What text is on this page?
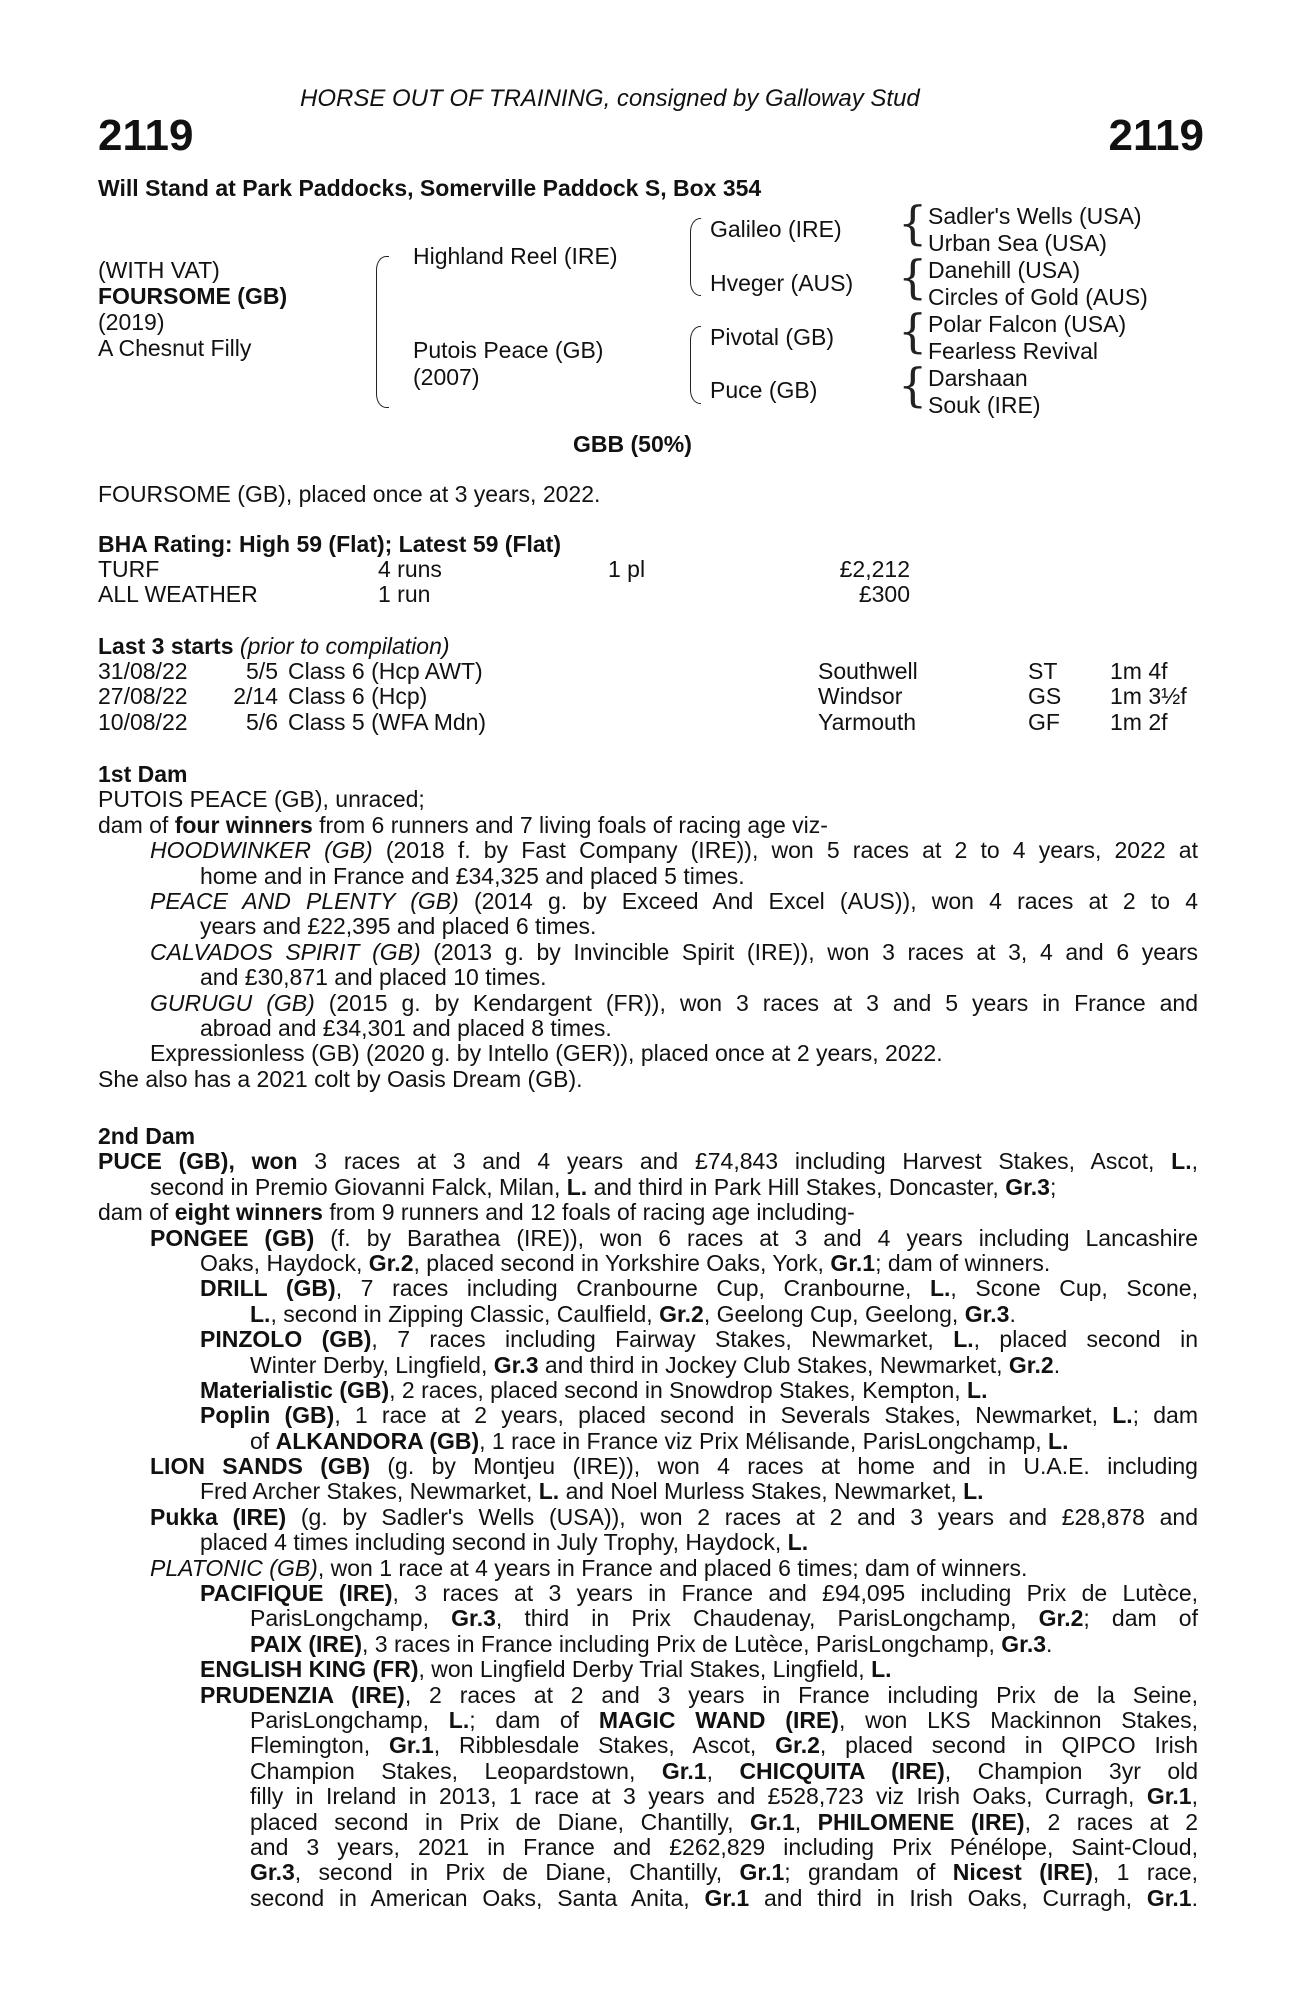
HORSE OUT OF TRAINING, consigned by Galloway Stud
2119	2119
Will Stand at Park Paddocks, Somerville Paddock S, Box 354
(WITH VAT)
FOURSOME (GB)
(2019)
A Chesnut Filly
Highland Reel (IRE)
Putois Peace (GB)
(2007)
Galileo (IRE)
Hveger (AUS)
Pivotal (GB)
Puce (GB)
{
{
{
{
Sadler's Wells (USA)
Urban Sea (USA)
Danehill (USA)
Circles of Gold (AUS)
Polar Falcon (USA)
Fearless Revival
Darshaan
Souk (IRE)
GBB (50%)
FOURSOME (GB), placed once at 3 years, 2022.
BHA Rating: High 59 (Flat); Latest 59 (Flat)
TURF	4 runs	1 pl	£2,212
ALL WEATHER	1 run	£300
Last 3 starts (prior to compilation)
31/08/22	5/5 Class 6 (Hcp AWT)	Southwell	ST 1m 4f
27/08/22 2/14 Class 6 (Hcp)	Windsor	GS 1m 3½f
10/08/22	5/6 Class 5 (WFA Mdn)	Yarmouth	GF 1m 2f
1st Dam
PUTOIS PEACE (GB), unraced;
dam of four winners from 6 runners and 7 living foals of racing age viz-
HOODWINKER (GB) (2018 f. by Fast Company (IRE)), won 5 races at 2 to 4 years, 2022 at
home and in France and £34,325 and placed 5 times.
PEACE AND PLENTY (GB) (2014 g. by Exceed And Excel (AUS)), won 4 races at 2 to 4
years and £22,395 and placed 6 times.
CALVADOS SPIRIT (GB) (2013 g. by Invincible Spirit (IRE)), won 3 races at 3, 4 and 6 years
and £30,871 and placed 10 times.
GURUGU (GB) (2015 g. by Kendargent (FR)), won 3 races at 3 and 5 years in France and
abroad and £34,301 and placed 8 times.
Expressionless (GB) (2020 g. by Intello (GER)), placed once at 2 years, 2022.
She also has a 2021 colt by Oasis Dream (GB).
2nd Dam
PUCE (GB), won 3 races at 3 and 4 years and £74,843 including Harvest Stakes, Ascot, L.,
second in Premio Giovanni Falck, Milan, L. and third in Park Hill Stakes, Doncaster, Gr.3;
dam of eight winners from 9 runners and 12 foals of racing age including-
PONGEE (GB) (f. by Barathea (IRE)), won 6 races at 3 and 4 years including Lancashire
Oaks, Haydock, Gr.2, placed second in Yorkshire Oaks, York, Gr.1; dam of winners.
DRILL (GB), 7 races including Cranbourne Cup, Cranbourne, L., Scone Cup, Scone,
L., second in Zipping Classic, Caulfield, Gr.2, Geelong Cup, Geelong, Gr.3.
PINZOLO (GB), 7 races including Fairway Stakes, Newmarket, L., placed second in
Winter Derby, Lingfield, Gr.3 and third in Jockey Club Stakes, Newmarket, Gr.2.
Materialistic (GB), 2 races, placed second in Snowdrop Stakes, Kempton, L.
Poplin (GB), 1 race at 2 years, placed second in Severals Stakes, Newmarket, L.; dam
of ALKANDORA (GB), 1 race in France viz Prix Mélisande, ParisLongchamp, L.
LION SANDS (GB) (g. by Montjeu (IRE)), won 4 races at home and in U.A.E. including
Fred Archer Stakes, Newmarket, L. and Noel Murless Stakes, Newmarket, L.
Pukka (IRE) (g. by Sadler's Wells (USA)), won 2 races at 2 and 3 years and £28,878 and
placed 4 times including second in July Trophy, Haydock, L.
PLATONIC (GB), won 1 race at 4 years in France and placed 6 times; dam of winners.
PACIFIQUE (IRE), 3 races at 3 years in France and £94,095 including Prix de Lutèce,
ParisLongchamp, Gr.3, third in Prix Chaudenay, ParisLongchamp, Gr.2; dam of
PAIX (IRE), 3 races in France including Prix de Lutèce, ParisLongchamp, Gr.3.
ENGLISH KING (FR), won Lingfield Derby Trial Stakes, Lingfield, L.
PRUDENZIA (IRE), 2 races at 2 and 3 years in France including Prix de la Seine,
ParisLongchamp, L.; dam of MAGIC WAND (IRE), won LKS Mackinnon Stakes,
Flemington, Gr.1, Ribblesdale Stakes, Ascot, Gr.2, placed second in QIPCO Irish
Champion Stakes, Leopardstown, Gr.1, CHICQUITA (IRE), Champion 3yr old
filly in Ireland in 2013, 1 race at 3 years and £528,723 viz Irish Oaks, Curragh, Gr.1,
placed second in Prix de Diane, Chantilly, Gr.1, PHILOMENE (IRE), 2 races at 2
and 3 years, 2021 in France and £262,829 including Prix Pénélope, Saint-Cloud,
Gr.3, second in Prix de Diane, Chantilly, Gr.1; grandam of Nicest (IRE), 1 race,
second in American Oaks, Santa Anita, Gr.1 and third in Irish Oaks, Curragh, Gr.1.
